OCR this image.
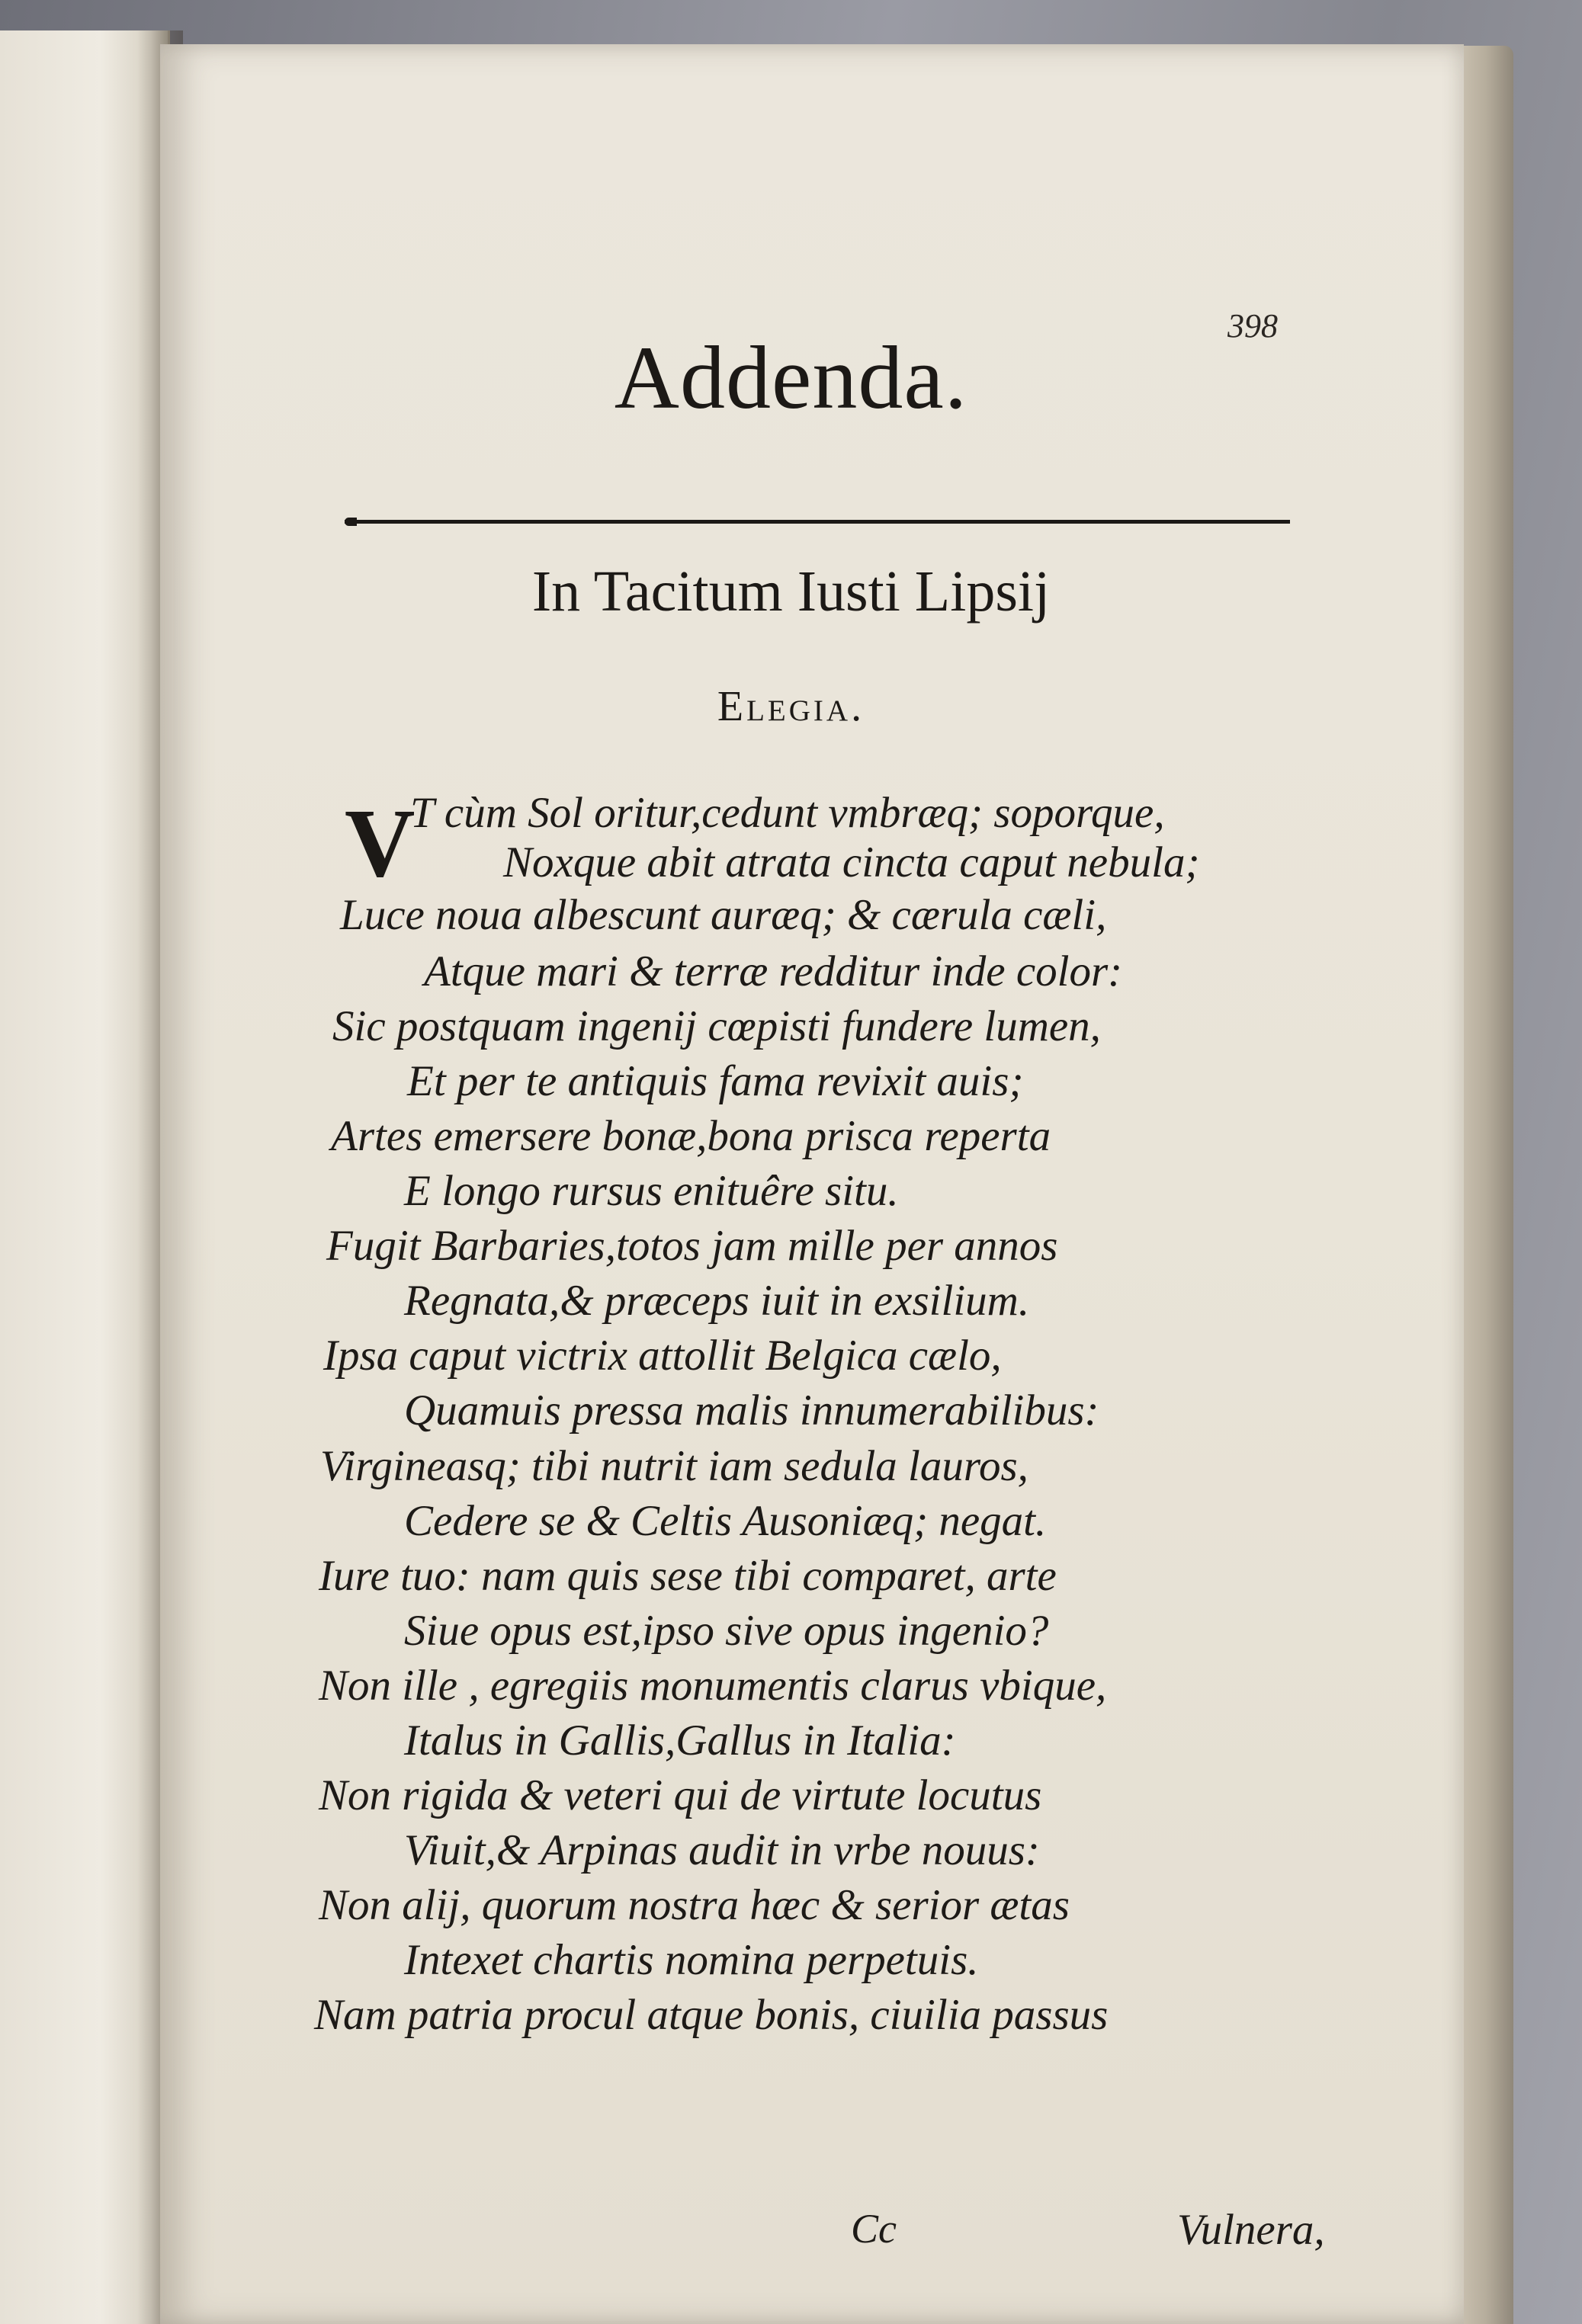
398
Addenda.
In Tacitum Iusti Lipsij
Elegia.
V
T cùm Sol oritur,cedunt vmbræq; soporque,
Noxque abit atrata cincta caput nebula;
Luce noua albescunt auræq; & cærula cæli,
Atque mari & terræ redditur inde color:
Sic postquam ingenij cœpisti fundere lumen,
Et per te antiquis fama revixit auis;
Artes emersere bonæ,bona prisca reperta
E longo rursus enituêre situ.
Fugit Barbaries,totos jam mille per annos
Regnata,& præceps iuit in exsilium.
Ipsa caput victrix attollit Belgica cælo,
Quamuis pressa malis innumerabilibus:
Virgineasq; tibi nutrit iam sedula lauros,
Cedere se & Celtis Ausoniæq; negat.
Iure tuo: nam quis sese tibi comparet, arte
Siue opus est,ipso sive opus ingenio?
Non ille , egregiis monumentis clarus vbique,
Italus in Gallis,Gallus in Italia:
Non rigida & veteri qui de virtute locutus
Viuit,& Arpinas audit in vrbe nouus:
Non alij, quorum nostra hæc & serior ætas
Intexet chartis nomina perpetuis.
Nam patria procul atque bonis, ciuilia passus
Cc	Vulnera,
